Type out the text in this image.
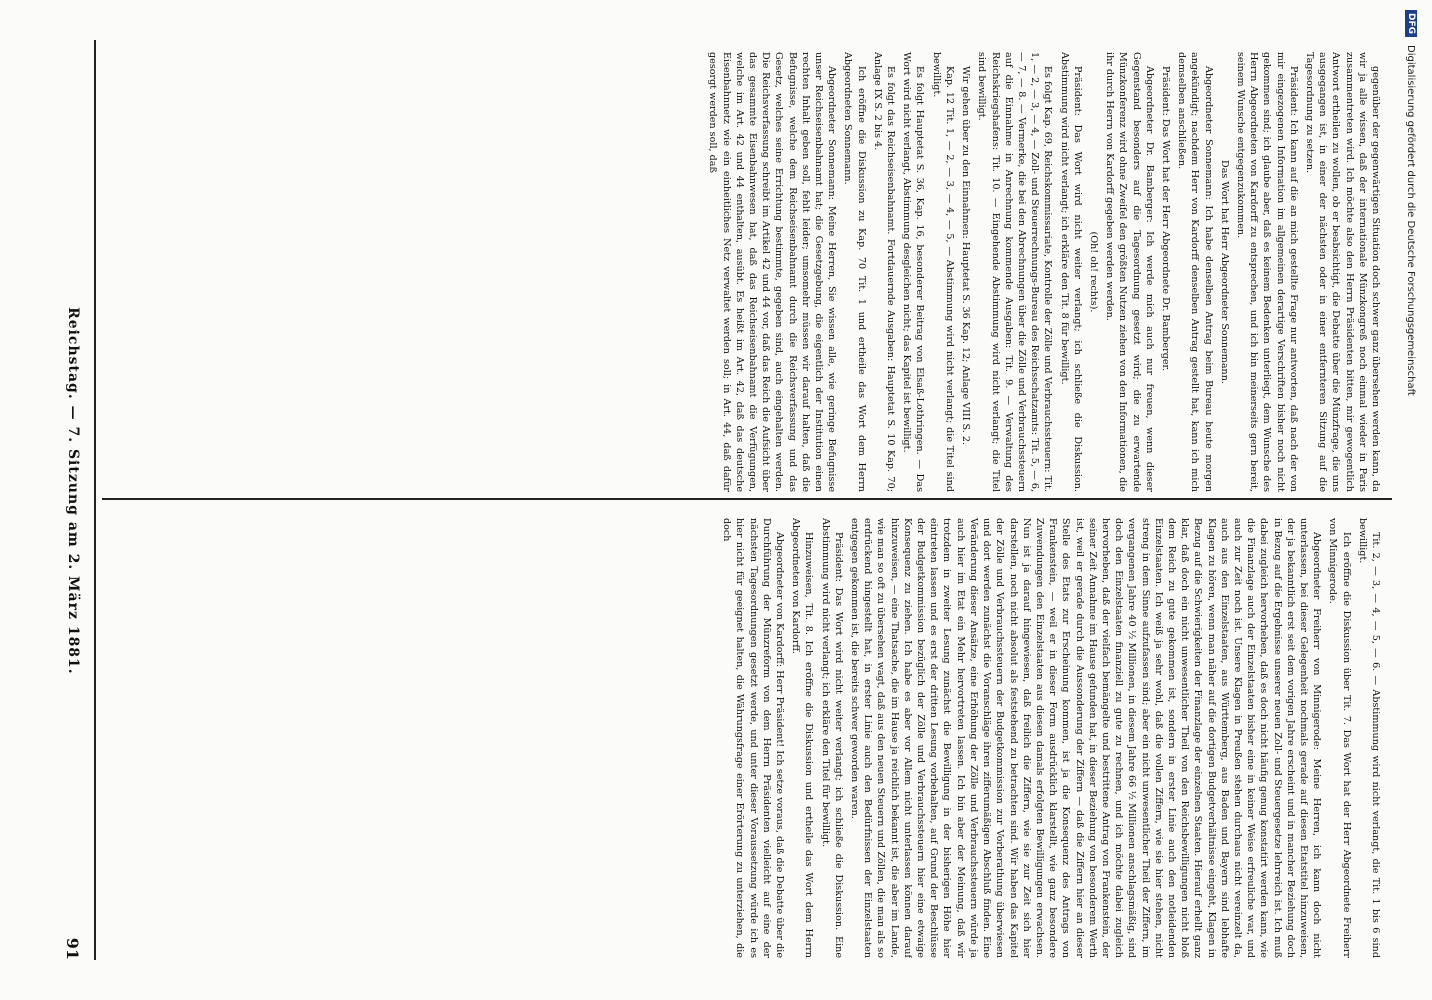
Reichstag. — 7. Sitzung am 2. März 1881.
91

gegenüber der gegenwärtigen Situation doch schwer ganz übersehen werden kann, da wir ja alle wissen, daß der internationale Münzkongreß noch einmal wieder in Paris zusammentreten wird. Ich möchte also den Herrn Präsidenten bitten, mir gewogentlich Antwort ertheilen zu wollen, ob er beabsichtigt, die Debatte über die Münzfrage, die uns ausgegangen ist, in einer der nächsten oder in einer entfernteren Sitzung auf die Tagesordnung zu setzen.

Präsident: Ich kann auf die an mich gestellte Frage nur antworten, daß nach der von mir eingezogenen Information im allgemeinen derartige Verschriften bisher noch nicht gekommen sind; ich glaube aber, daß es keinem Bedenken unterliegt, dem Wunsche des Herrn Abgeordneten von Kardorff zu entsprechen, und ich bin meinerseits gern bereit, seinem Wunsche entgegenzukommen.

Das Wort hat Herr Abgeordneter Sonnemann.

Abgeordneter Sonnemann: Ich habe denselben Antrag beim Bureau heute morgen angekündigt; nachdem Herr von Kardorff denselben Antrag gestellt hat, kann ich mich demselben anschließen.

Präsident: Das Wort hat der Herr Abgeordnete Dr. Bamberger.

Abgeordneter Dr. Bamberger: Ich werde mich auch nur freuen, wenn dieser Gegenstand besonders auf die Tagesordnung gesetzt wird; die zu erwartende Münzkonferenz wird ohne Zweifel den größten Nutzen ziehen von den Informationen, die ihr durch Herrn von Kardorff gegeben werden werden.

(Oh! oh! rechts).

Präsident: Das Wort wird nicht weiter verlangt; ich schließe die Diskussion. Abstimmung wird nicht verlangt; ich erkläre den Tit. 8 für bewilligt.

Es folgt Kap. 69, Reichskommissariate, Kontrolle der Zölle und Verbrauchssteuern: Tit. 1, — 2, — 3, — 4, — Zoll- und Steuerrechnungs-Bureau des Reichsschatzamts: Tit. 5, — 6, — 7, — 8. — Vermerke, die bei den Abrechnungen über die Zölle und Verbrauchssteuern auf die Einnahme in Anrechnung kommende Ausgaben: Tit. 9. — Verwaltung des Reichskriegshafens: Tit. 10. — Eingehende Abstimmung wird nicht verlangt; die Titel sind bewilligt.

Wir gehen über zu den Einnahmen: Hauptetat S. 36 Kap. 12; Anlage VIII S. 2.

Kap. 12 Tit. 1, — 2, — 3, — 4, — 5, — Abstimmung wird nicht verlangt; die Titel sind bewilligt.

Es folgt Hauptetat S. 36, Kap. 16, besonderer Beitrag von Elsaß-Lothringen. — Das Wort wird nicht verlangt, Abstimmung desgleichen nicht; das Kapitel ist bewilligt.

Es folgt das Reichseisenbahnamt. Fortdauernde Ausgaben: Hauptetat S. 10 Kap. 70; Anlage IX S. 2 bis 4.

Ich eröffne die Diskussion zu Kap. 70 Tit. 1 und ertheile das Wort dem Herrn Abgeordneten Sonnemann.

Abgeordneter Sonnemann: Meine Herren, Sie wissen alle, wie geringe Befugnisse unser Reichseisenbahnamt hat; die Gesetzgebung, die eigentlich der Institution einen rechten Inhalt geben soll, fehlt leider; umsomehr müssen wir darauf halten, daß die Befugnisse, welche dem Reichseisenbahnamt durch die Reichsverfassung und das Gesetz, welches seine Errichtung bestimmte, gegeben sind, auch eingehalten werden. Die Reichsverfassung schreibt im Artikel 42 und 44 vor, daß das Reich die Aufsicht über das gesammte Eisenbahnwesen hat, daß das Reichseisenbahnamt die Verfügungen, welche im Art. 42 und 44 enthalten, ausübt. Es heißt im Art. 42, daß das deutsche Eisenbahnnetz wie ein einheitliches Netz verwaltet werden soll; in Art. 44, daß dafür gesorgt werden soll, daß

Tit. 2, — 3, — 4, — 5, — 6. — Abstimmung wird nicht verlangt, die Tit. 1 bis 6 sind bewilligt.

Ich eröffne die Diskussion über Tit. 7. Das Wort hat der Herr Abgeordnete Freiherr von Minnigerode.

Abgeordneter Freiherr von Minnigerode: Meine Herren, ich kann doch nicht unterlassen, bei dieser Gelegenheit nochmals gerade auf diesen Etatstitel hinzuweisen, der ja bekanntlich erst seit dem vorigen Jahre erscheint und in mancher Beziehung doch in Bezug auf die Ergebnisse unserer neuen Zoll- und Steuergesetze lehrreich ist. Ich muß dabei zugleich hervorheben, daß es doch nicht häufig genug konstatirt werden kann, wie die Finanzlage auch der Einzelstaaten bisher eine in keiner Weise erfreuliche war, und auch zur Zeit noch ist. Unsere Klagen in Preußen stehen durchaus nicht vereinzelt da, auch aus den Einzelstaaten, aus Württemberg, aus Baden und Bayern sind lebhafte Klagen zu hören, wenn man näher auf die dortigen Budgetverhältnisse eingeht, Klagen in Bezug auf die Schwierigkeiten der Finanzlage der einzelnen Staaten. Hierauf erhellt ganz klar, daß doch ein nicht unwesentlicher Theil von den Reichsbewilligungen nicht bloß dem Reich zu gute gekommen ist, sondern in erster Linie auch den notleidenden Einzelstaaten. Ich weiß ja sehr wohl, daß die vollen Ziffern, wie sie hier stehen, nicht streng in dem Sinne aufzufassen sind; aber ein nicht unwesentlicher Theil der Ziffern, im vergangenen Jahre 40 ½ Millionen, in diesem Jahre 66 ½ Millionen anschlagsmäßig, sind doch den Einzelstaaten finanziell zu gute zu rechnen, und ich möchte dabei zugleich hervorheben, daß der vielfach bemängelte und bestrittene Antrag von Frankenstein, der seiner Zeit Annahme im Hause gefunden hat, in dieser Beziehung von besonderem Werth ist, weil er gerade durch die Aussonderung der Ziffern — daß die Ziffern hier an dieser Stelle des Etats zur Erscheinung kommen, ist ja die Konsequenz des Antrags von Frankenstein, — weil er in dieser Form ausdrücklich klarstellt, wie ganz besondere Zuwendungen den Einzelstaaten aus diesen damals erfolgten Bewilligungen erwachsen. Nun ist ja darauf hingewiesen, daß freilich die Ziffern, wie sie zur Zeit sich hier darstellen, noch nicht absolut als feststehend zu betrachten sind. Wir haben das Kapitel der Zölle und Verbrauchssteuern der Budgetkommission zur Vorberathung überwiesen und dort werden zunächst die Voranschläge ihren zifferumäßigen Abschluß finden. Eine Veränderung dieser Ansätze, eine Erhöhung der Zölle und Verbrauchssteuern würde ja auch hier im Etat ein Mehr hervortreten lassen. Ich bin aber der Meinung, daß wir trotzdem in zweiter Lesung zunächst die Bewilligung in der bisherigen Höhe hier eintreten lassen und es erst der dritten Lesung vorbehalten, auf Grund der Beschlüsse der Budgetkommission bezüglich der Zölle und Verbrauchssteuern hier eine etwaige Konsequenz zu ziehen. Ich habe es aber vor Allem nicht unterlassen können darauf hinzuweisen, — eine Thatsache, die im Hause ja reichlich bekannt ist, die aber im Lande, wie man so oft zu übersehen wagt, daß aus den neuen Steuern und Zöllen, die man als so erdrückend hingestellt hat, in erster Linie auch den Bedürfnissen der Einzelstaaten entgegen gekommen ist, die bereits schwer geworden waren.

Präsident: Das Wort wird nicht weiter verlangt; ich schließe die Diskussion. Eine Abstimmung wird nicht verlangt; ich erkläre den Titel für bewilligt.

Hinzuweisen, Tit. 8. Ich eröffne die Diskussion und ertheile das Wort dem Herrn Abgeordneten von Kardorff.

Abgeordneter von Kardorff: Herr Präsident! Ich setze voraus, daß die Debatte über die Durchführung der Münzreform von dem Herrn Präsidenten vielleicht auf eine der nächsten Tagesordnungen gesetzt werde, und unter dieser Voraussetzung würde ich es hier nicht für geeignet halten, die Währungsfrage einer Erörterung zu unterziehen, die doch

DFG
Digitalisierung gefördert durch die Deutsche Forschungsgemeinschaft
